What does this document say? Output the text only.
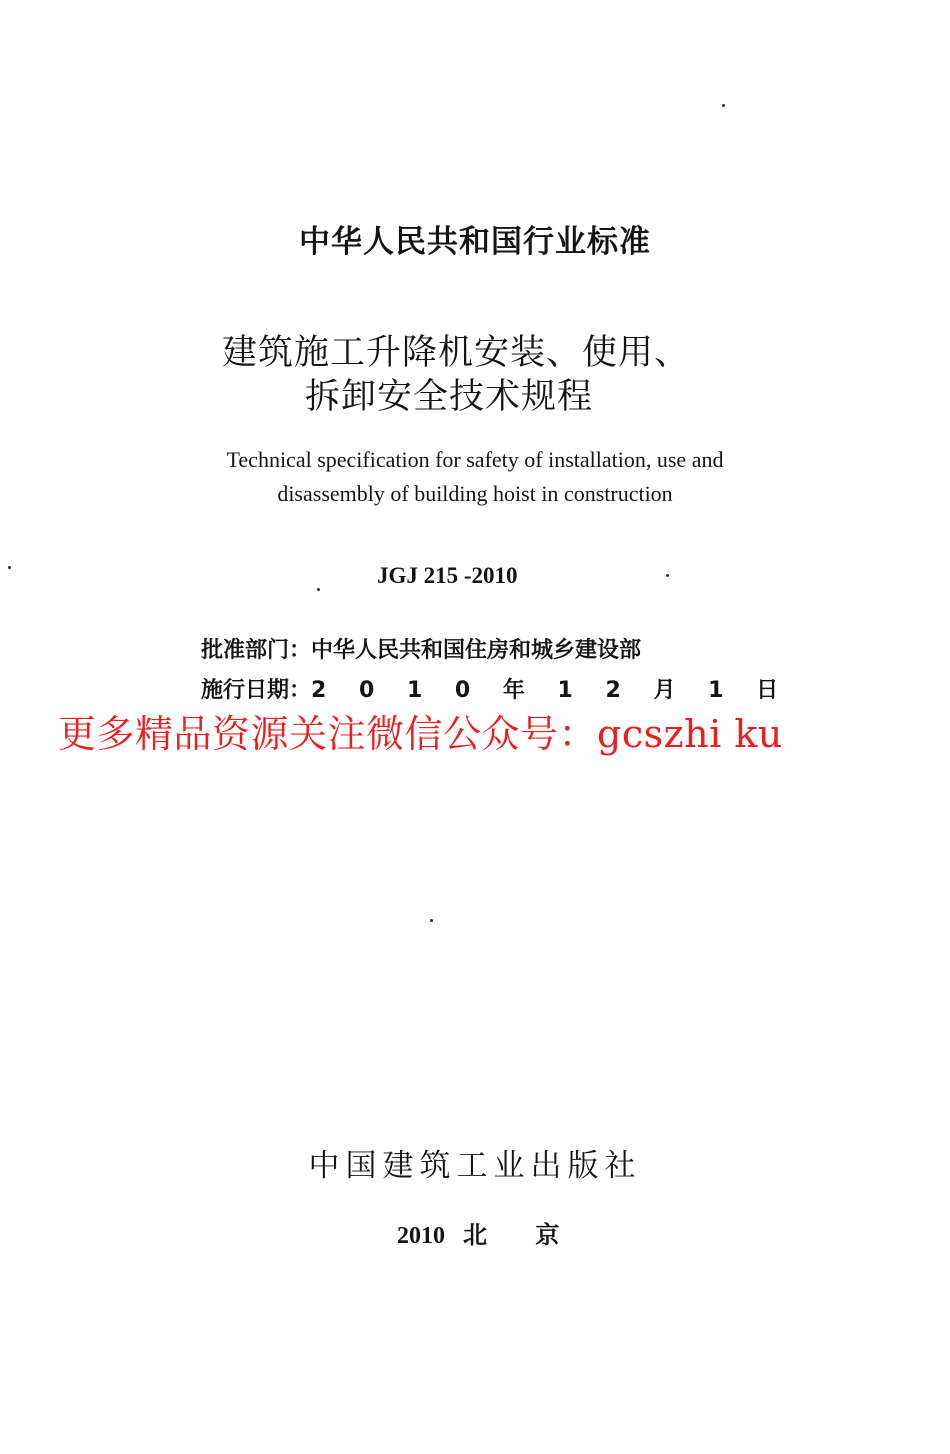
中华人民共和国行业标准
建筑施工升降机安装、使用、
拆卸安全技术规程
Technical specification for safety of installation, use and
disassembly of building hoist in construction
JGJ 215 -2010
批准部门：中华人民共和国住房和城乡建设部
施行日期：2 0 1 0 年 1 2 月 1 日
更多精品资源关注微信公众号：gcszhi ku
中国建筑工业出版社
2010 北 京
